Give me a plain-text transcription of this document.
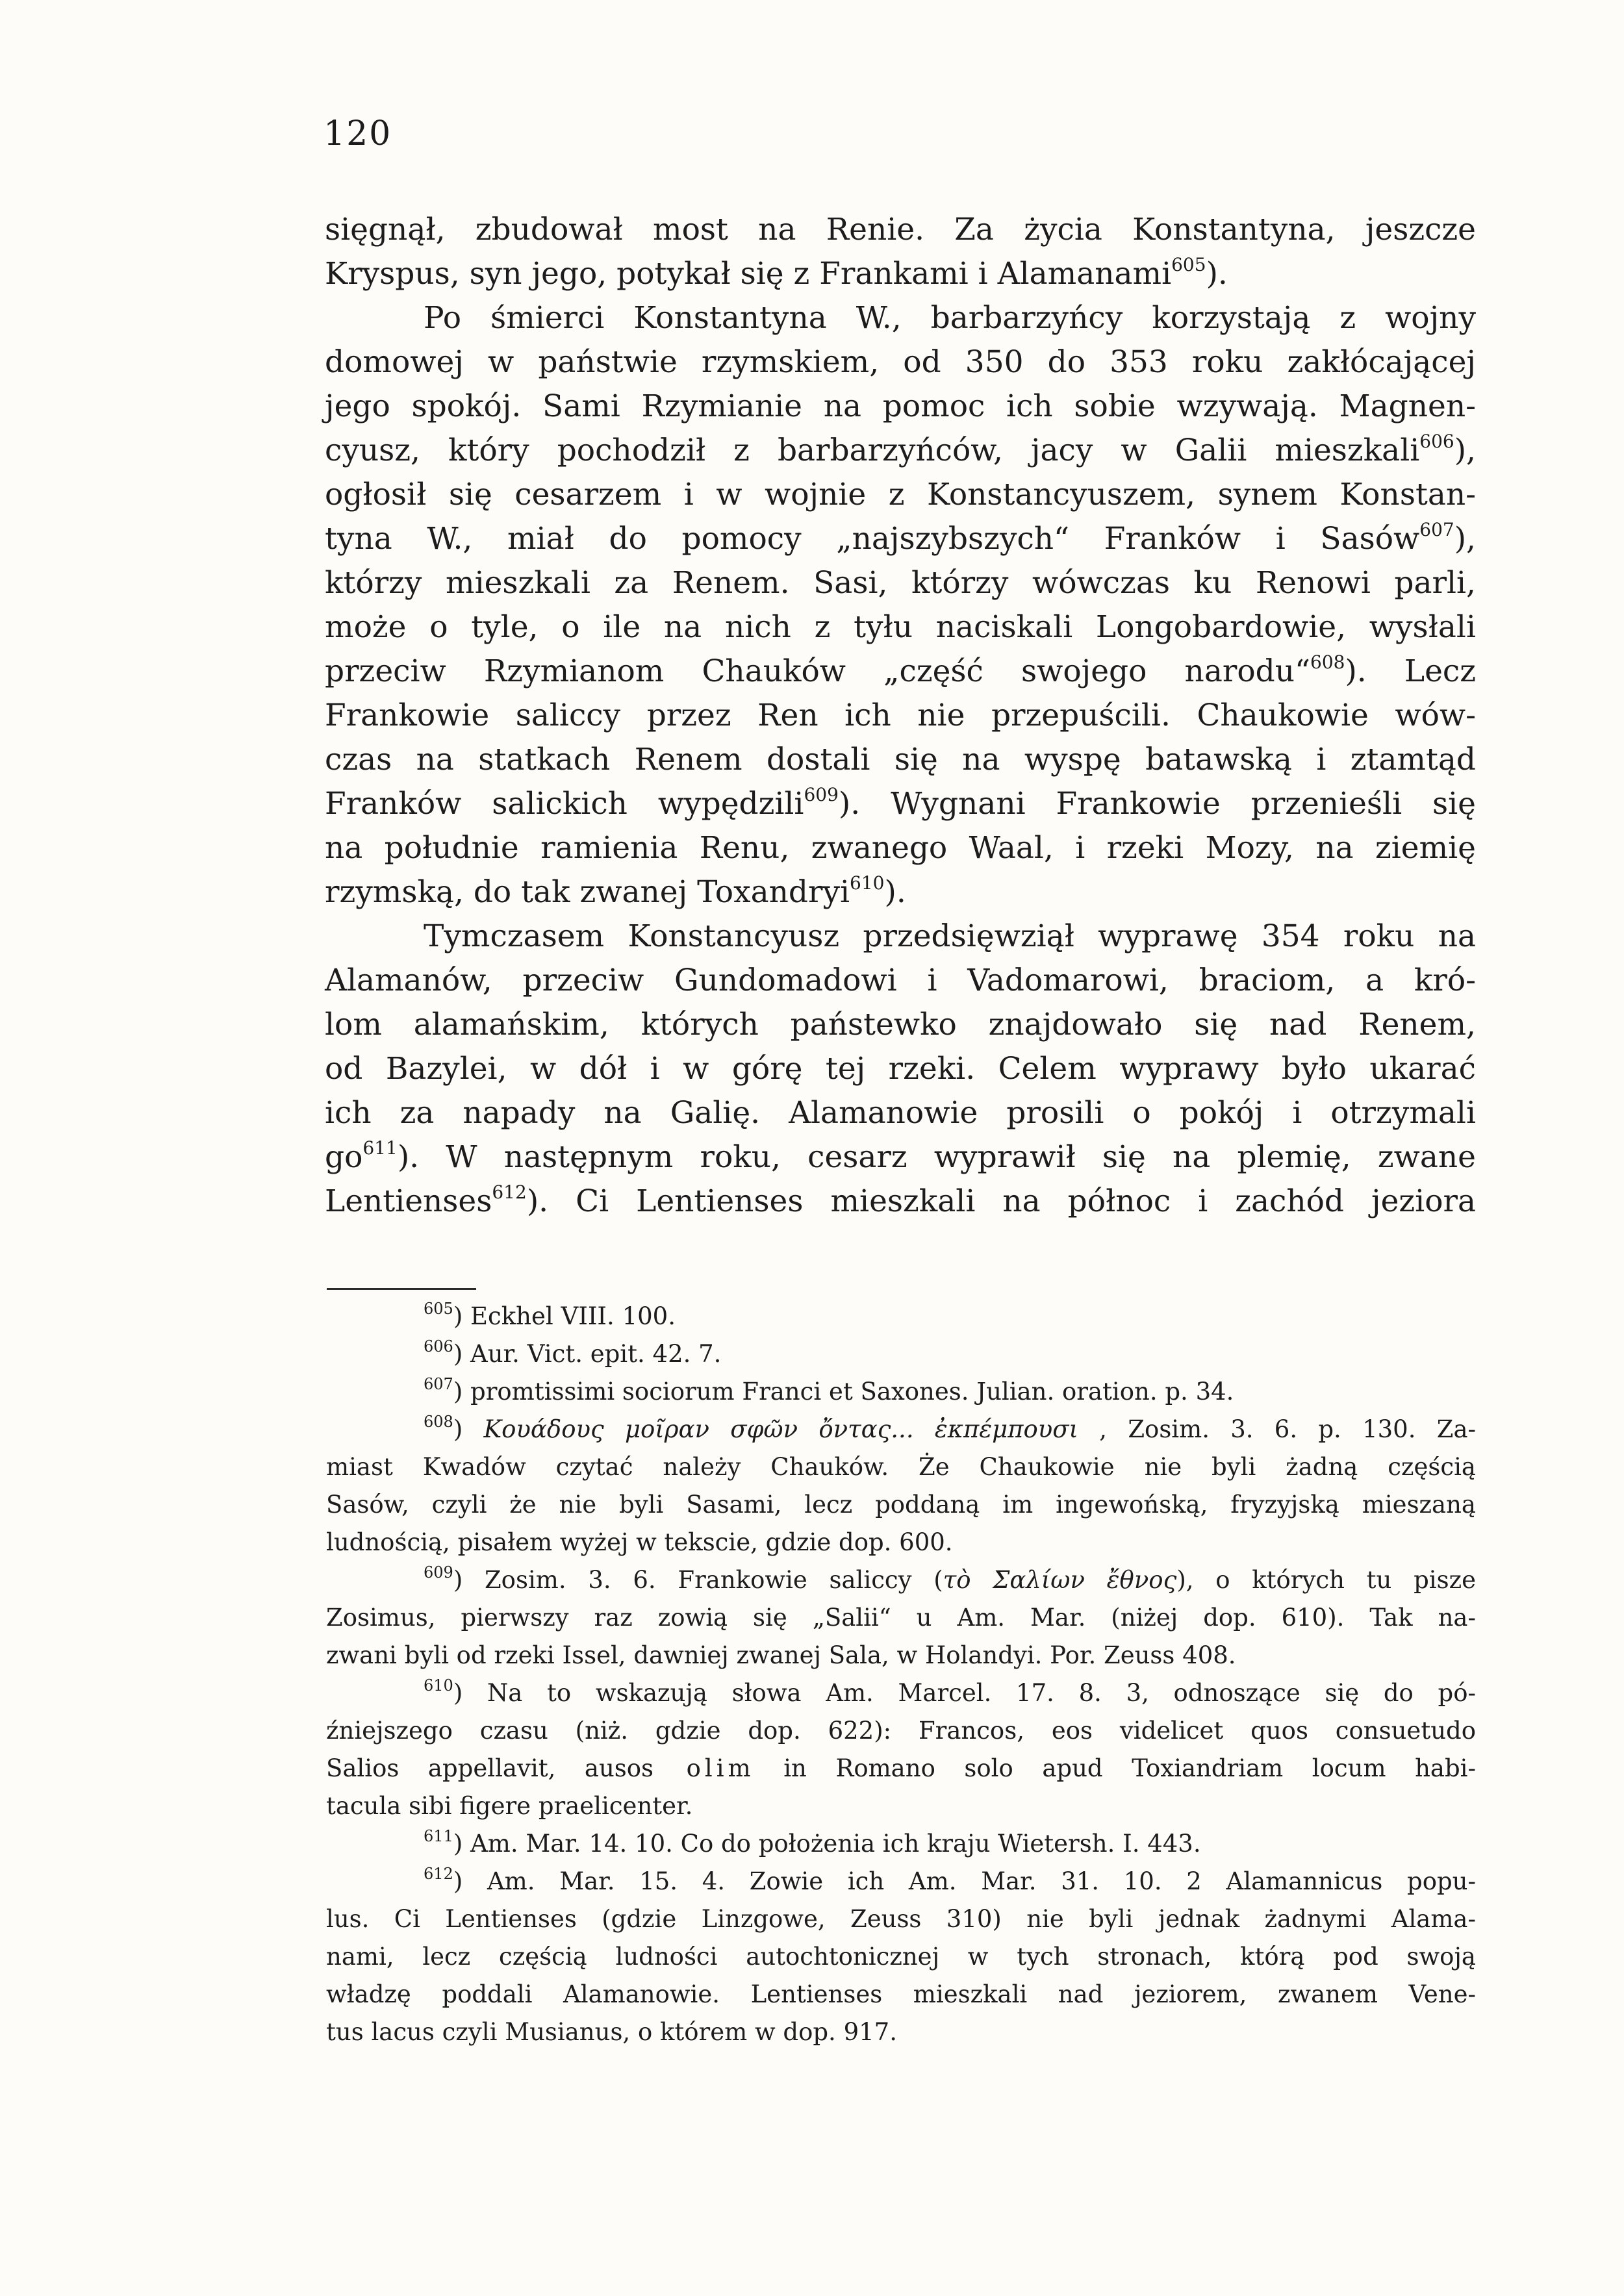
120
sięgnął, zbudował most na Renie. Za życia Konstantyna, jeszcze
Kryspus, syn jego, potykał się z Frankami i Alamanami$^{605}$).
Po śmierci Konstantyna W., barbarzyńcy korzystają z wojny
domowej w państwie rzymskiem, od 350 do 353 roku zakłócającej
jego spokój. Sami Rzymianie na pomoc ich sobie wzywają. Magnen-
cyusz, który pochodził z barbarzyńców, jacy w Galii mieszkali$^{606}$),
ogłosił się cesarzem i w wojnie z Konstancyuszem, synem Konstan-
tyna W., miał do pomocy „najszybszych“ Franków i Sasów$^{607}$),
którzy mieszkali za Renem. Sasi, którzy wówczas ku Renowi parli,
może o tyle, o ile na nich z tyłu naciskali Longobardowie, wysłali
przeciw Rzymianom Chauków „część swojego narodu“$^{608}$). Lecz
Frankowie saliccy przez Ren ich nie przepuścili. Chaukowie wów-
czas na statkach Renem dostali się na wyspę batawską i ztamtąd
Franków salickich wypędzili$^{609}$). Wygnani Frankowie przenieśli się
na południe ramienia Renu, zwanego Waal, i rzeki Mozy, na ziemię
rzymską, do tak zwanej Toxandryi$^{610}$).
Tymczasem Konstancyusz przedsięwziął wyprawę 354 roku na
Alamanów, przeciw Gundomadowi i Vadomarowi, braciom, a kró-
lom alamańskim, których państewko znajdowało się nad Renem,
od Bazylei, w dół i w górę tej rzeki. Celem wyprawy było ukarać
ich za napady na Galię. Alamanowie prosili o pokój i otrzymali
$go^{611}$). W następnym roku, cesarz wyprawił się na plemię, zwane
Lentienses$^{612}$). Ci Lentienses mieszkali na północ i zachód jeziora
$^{605}$) Eckhel VIII. 100.
$^{606}$) Aur. Vict. epit. 42. 7.
$^{607}$) promtissimi sociorum Franci et Saxones. Julian. oration. p. 34.
$^{608}$) Κουάδους μοῖραν σφῶν ὄντας... ἐκπέμπουσι , Zosim. 3. 6. p. 130. Za-
miast Kwadów czytać należy Chauków. Że Chaukowie nie byli żadną częścią
Sasów, czyli że nie byli Sasami, lecz poddaną im ingewońską, fryzyjską mieszaną
ludnością, pisałem wyżej w tekscie, gdzie dop. 600.
$^{609}$) Zosim. 3. 6. Frankowie saliccy (τὸ Σαλίων ἔθνος), o których tu pisze
Zosimus, pierwszy raz zowią się „Salii“ u Am. Mar. (niżej dop. 610). Tak na-
zwani byli od rzeki Issel, dawniej zwanej Sala, w Holandyi. Por. Zeuss 408.
$^{610}$) Na to wskazują słowa Am. Marcel. 17. 8. 3, odnoszące się do pó-
źniejszego czasu (niż. gdzie dop. 622): Francos, eos videlicet quos consuetudo
Salios appellavit, ausos olim in Romano solo apud Toxiandriam locum habi-
tacula sibi figere praelicenter.
$^{611}$) Am. Mar. 14. 10. Co do położenia ich kraju Wietersh. I. 443.
$^{612}$) Am. Mar. 15. 4. Zowie ich Am. Mar. 31. 10. 2 Alamannicus popu-
lus. Ci Lentienses (gdzie Linzgowe, Zeuss 310) nie byli jednak żadnymi Alama-
nami, lecz częścią ludności autochtonicznej w tych stronach, którą pod swoją
władzę poddali Alamanowie. Lentienses mieszkali nad jeziorem, zwanem Vene-
tus lacus czyli Musianus, o którem w dop. 917.
